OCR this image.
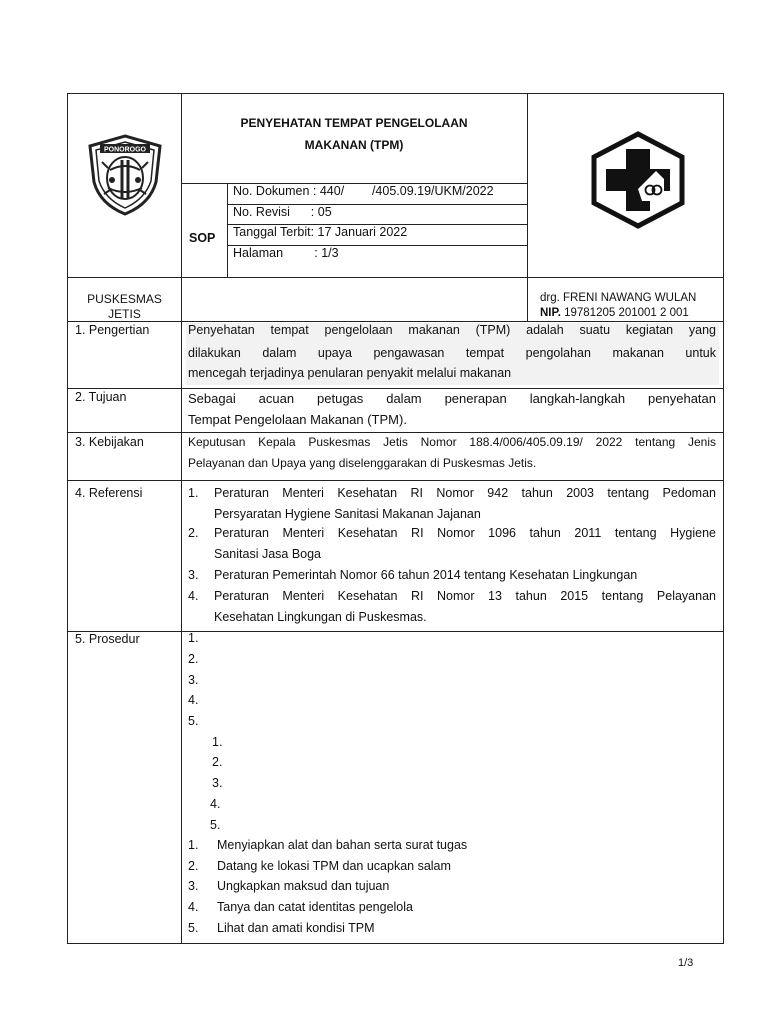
PONOROGO
PENYEHATAN TEMPAT PENGELOLAAN
MAKANAN (TPM)
SOP
No. Dokumen : 440/        /405.09.19/UKM/2022
No. Revisi      : 05
Tanggal Terbit: 17 Januari 2022
Halaman         : 1/3
PUSKESMAS
JETIS
drg. FRENI NAWANG WULAN
NIP. 19781205 201001 2 001
1. Pengertian	Penyehatan tempat pengelolaan makanan (TPM) adalah suatu kegiatan yang
dilakukan dalam upaya pengawasan tempat pengolahan makanan untuk
mencegah terjadinya penularan penyakit melalui makanan
2. Tujuan	Sebagai acuan petugas dalam penerapan langkah-langkah penyehatan
Tempat Pengelolaan Makanan (TPM).
3. Kebijakan	Keputusan Kepala Puskesmas Jetis Nomor 188.4/006/405.09.19/ 2022 tentang Jenis
Pelayanan dan Upaya yang diselenggarakan di Puskesmas Jetis.
4. Referensi	1. Peraturan Menteri Kesehatan RI Nomor 942 tahun 2003 tentang Pedoman
Persyaratan Hygiene Sanitasi Makanan Jajanan
2. Peraturan Menteri Kesehatan RI Nomor 1096 tahun 2011 tentang Hygiene
Sanitasi Jasa Boga
3. Peraturan Pemerintah Nomor 66 tahun 2014 tentang Kesehatan Lingkungan
4. Peraturan Menteri Kesehatan RI Nomor 13 tahun 2015 tentang Pelayanan
Kesehatan Lingkungan di Puskesmas.
5. Prosedur	1.
2.
3.
4.
5.
1.
2.
3.
4.
5.
1. Menyiapkan alat dan bahan serta surat tugas
2. Datang ke lokasi TPM dan ucapkan salam
3. Ungkapkan maksud dan tujuan
4. Tanya dan catat identitas pengelola
5. Lihat dan amati kondisi TPM
1/3
